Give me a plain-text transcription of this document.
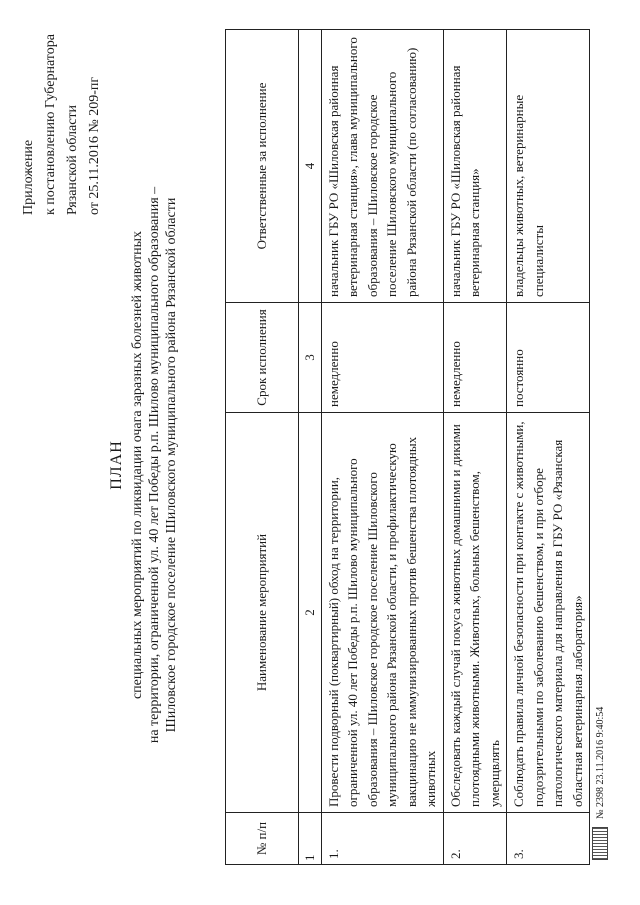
Приложение к постановлению Губернатора Рязанской области от 25.11.2016 № 209-пг
ПЛАН специальных мероприятий по ликвидации очага заразных болезней животных на территории, ограниченной ул. 40 лет Победы р.п. Шилово муниципального образования – Шиловское городское поселение Шиловского муниципального района Рязанской области
№ п/п	Наименование мероприятий	Срок исполнения	Ответственные за исполнение
1	2	3	4
1.	Провести подворный (поквартирный) обход на территории, ограниченной ул. 40 лет Победы р.п. Шилово муниципального образования – Шиловское городское поселение Шиловского муниципального района Рязанской области, и профилактическую вакцинацию не иммунизированных против бешенства плотоядных животных	немедленно	начальник ГБУ РО «Шиловская районная ветеринарная станция», глава муниципального образования – Шиловское городское поселение Шиловского муниципального района Рязанской области (по согласованию)
2.	Обследовать каждый случай покуса животных домашними и дикими плотоядными животными. Животных, больных бешенством, умерщвлять	немедленно	начальник ГБУ РО «Шиловская районная ветеринарная станция»
3.	Соблюдать правила личной безопасности при контакте с животными, подозрительными по заболеванию бешенством, и при отборе патологического материала для направления в ГБУ РО «Рязанская областная ветеринарная лаборатория»	постоянно	владельцы животных, ветеринарные специалисты
№ 2398 23.11.2016 9:40:54
